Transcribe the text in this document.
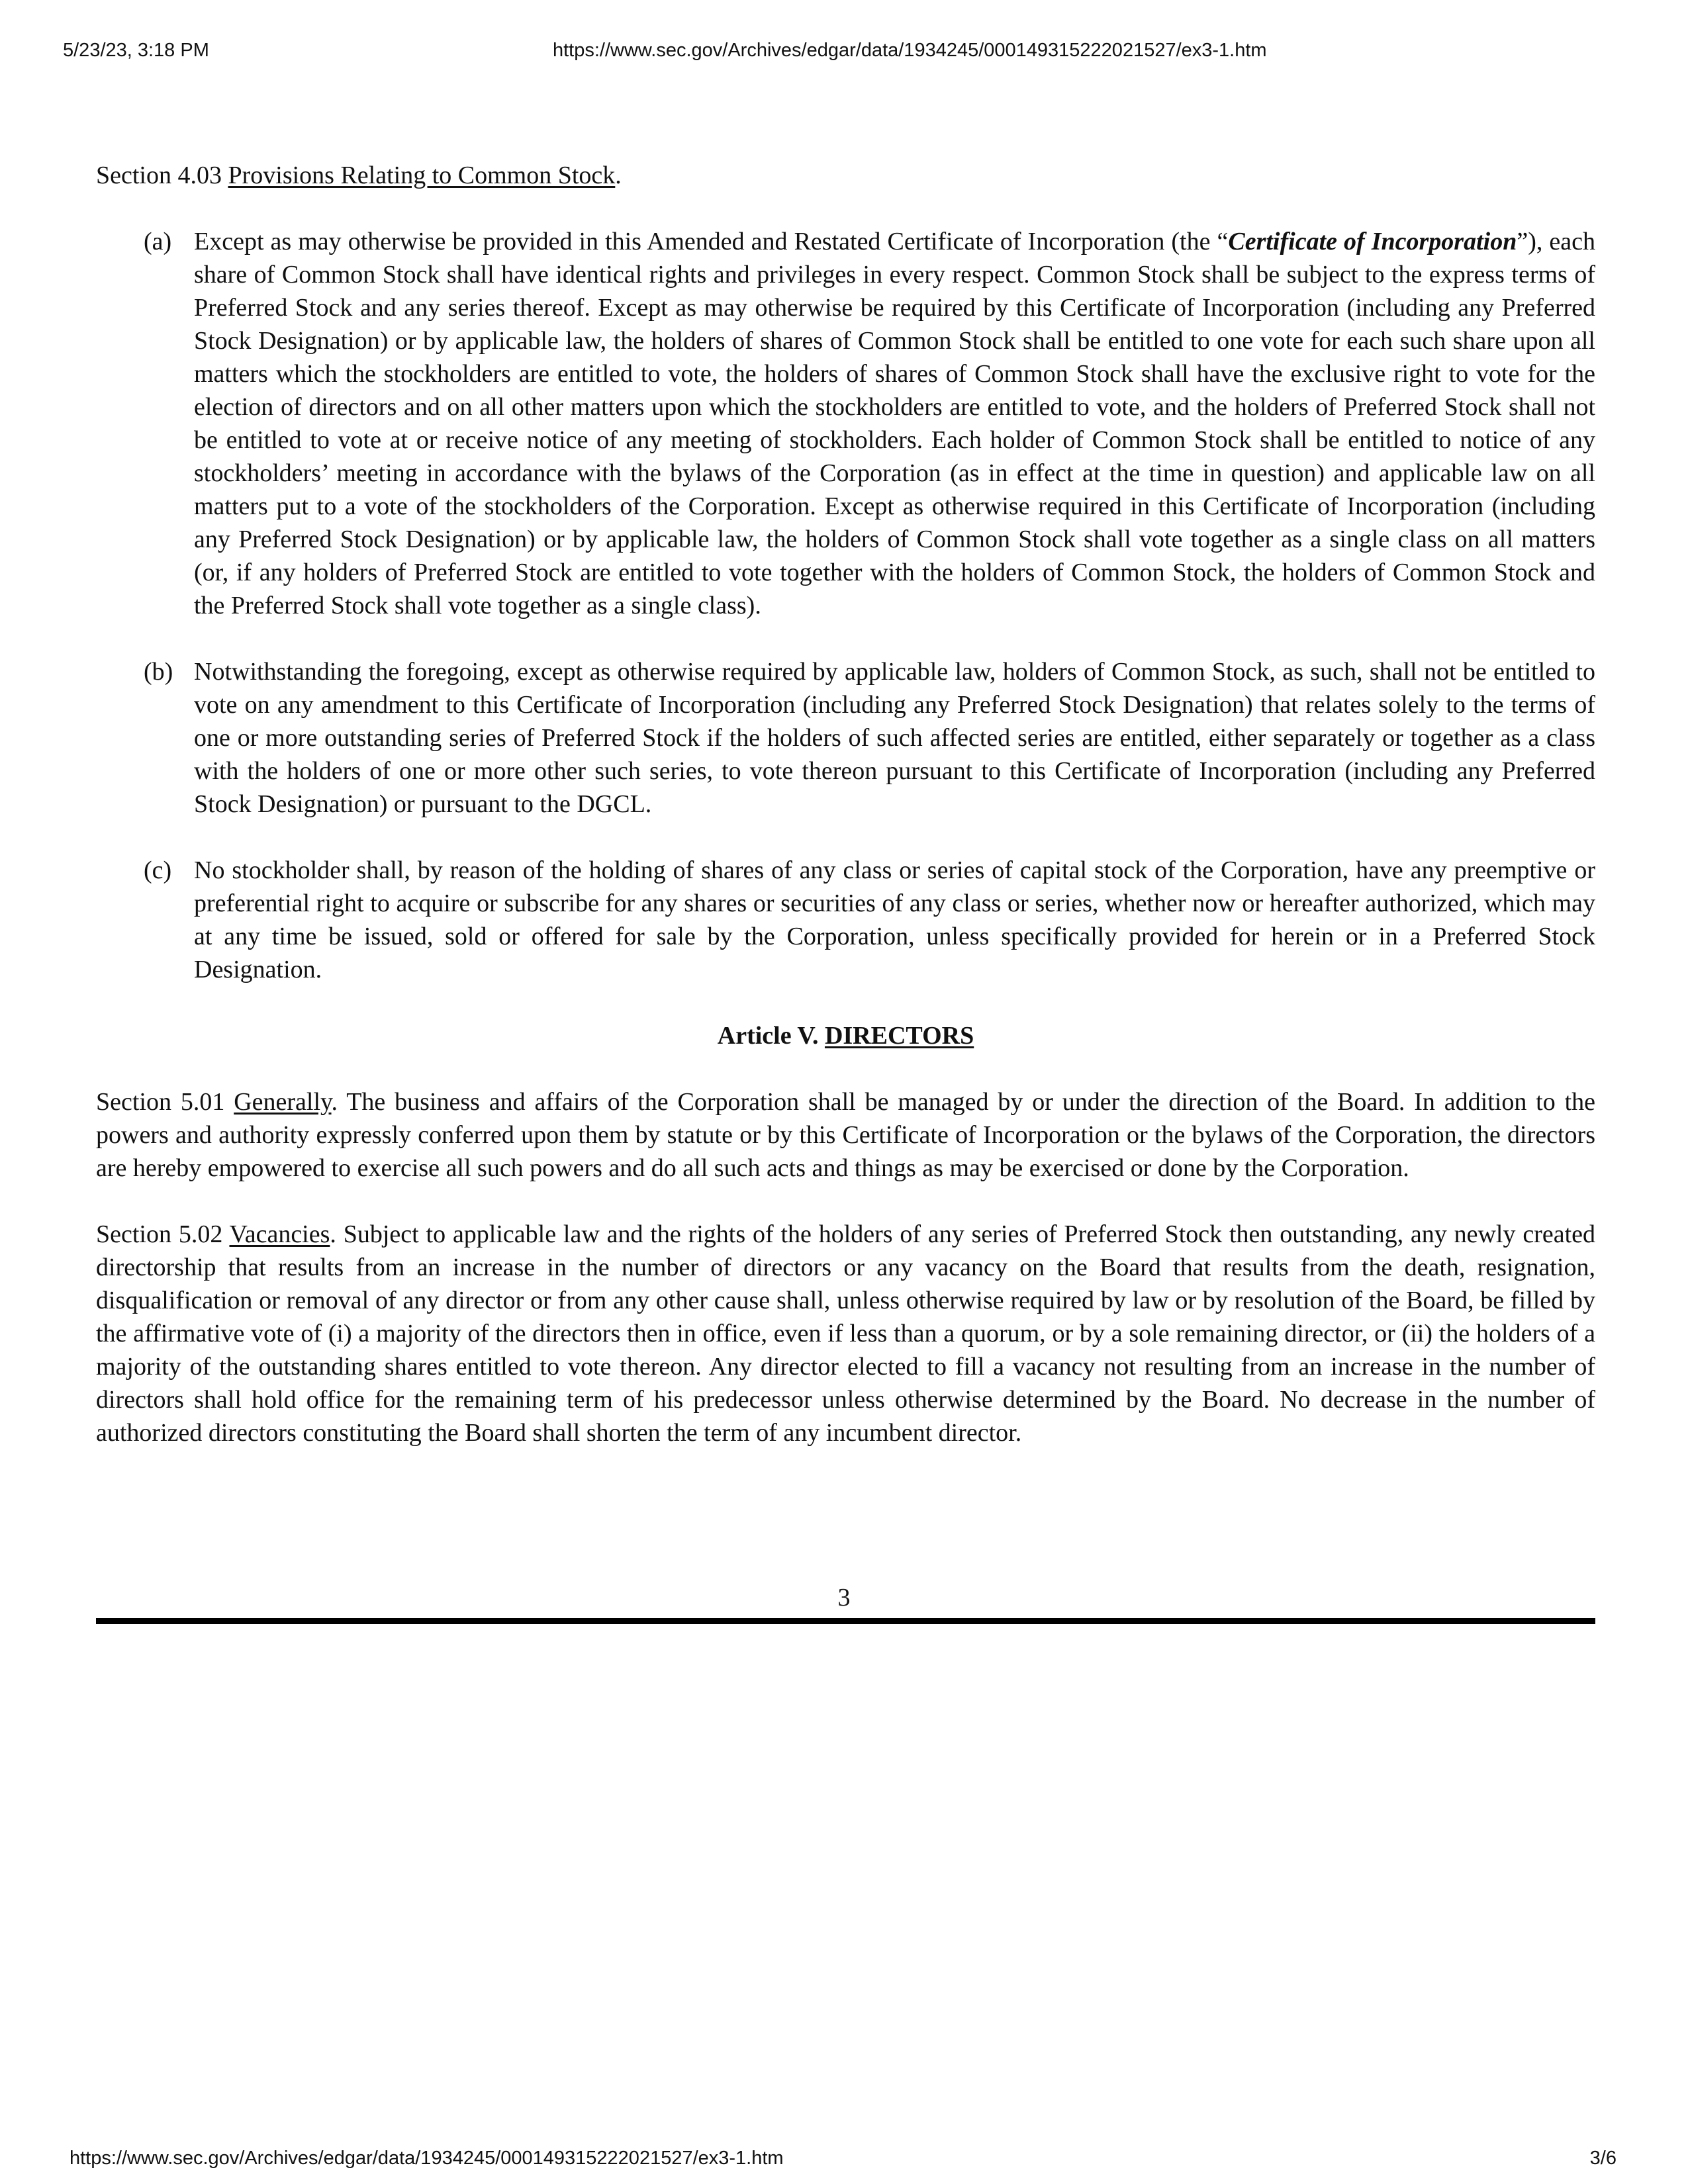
5/23/23, 3:18 PM	https://www.sec.gov/Archives/edgar/data/1934245/000149315222021527/ex3-1.htm

Section 4.03 Provisions Relating to Common Stock.

(a) Except as may otherwise be provided in this Amended and Restated Certificate of Incorporation (the “Certificate of Incorporation”), each share of Common Stock shall have identical rights and privileges in every respect. Common Stock shall be subject to the express terms of Preferred Stock and any series thereof. Except as may otherwise be required by this Certificate of Incorporation (including any Preferred Stock Designation) or by applicable law, the holders of shares of Common Stock shall be entitled to one vote for each such share upon all matters which the stockholders are entitled to vote, the holders of shares of Common Stock shall have the exclusive right to vote for the election of directors and on all other matters upon which the stockholders are entitled to vote, and the holders of Preferred Stock shall not be entitled to vote at or receive notice of any meeting of stockholders. Each holder of Common Stock shall be entitled to notice of any stockholders’ meeting in accordance with the bylaws of the Corporation (as in effect at the time in question) and applicable law on all matters put to a vote of the stockholders of the Corporation. Except as otherwise required in this Certificate of Incorporation (including any Preferred Stock Designation) or by applicable law, the holders of Common Stock shall vote together as a single class on all matters (or, if any holders of Preferred Stock are entitled to vote together with the holders of Common Stock, the holders of Common Stock and the Preferred Stock shall vote together as a single class).
(b) Notwithstanding the foregoing, except as otherwise required by applicable law, holders of Common Stock, as such, shall not be entitled to vote on any amendment to this Certificate of Incorporation (including any Preferred Stock Designation) that relates solely to the terms of one or more outstanding series of Preferred Stock if the holders of such affected series are entitled, either separately or together as a class with the holders of one or more other such series, to vote thereon pursuant to this Certificate of Incorporation (including any Preferred Stock Designation) or pursuant to the DGCL.
(c) No stockholder shall, by reason of the holding of shares of any class or series of capital stock of the Corporation, have any preemptive or preferential right to acquire or subscribe for any shares or securities of any class or series, whether now or hereafter authorized, which may at any time be issued, sold or offered for sale by the Corporation, unless specifically provided for herein or in a Preferred Stock Designation.

Article V. DIRECTORS

Section 5.01 Generally. The business and affairs of the Corporation shall be managed by or under the direction of the Board. In addition to the powers and authority expressly conferred upon them by statute or by this Certificate of Incorporation or the bylaws of the Corporation, the directors are hereby empowered to exercise all such powers and do all such acts and things as may be exercised or done by the Corporation.

Section 5.02 Vacancies. Subject to applicable law and the rights of the holders of any series of Preferred Stock then outstanding, any newly created directorship that results from an increase in the number of directors or any vacancy on the Board that results from the death, resignation, disqualification or removal of any director or from any other cause shall, unless otherwise required by law or by resolution of the Board, be filled by the affirmative vote of (i) a majority of the directors then in office, even if less than a quorum, or by a sole remaining director, or (ii) the holders of a majority of the outstanding shares entitled to vote thereon. Any director elected to fill a vacancy not resulting from an increase in the number of directors shall hold office for the remaining term of his predecessor unless otherwise determined by the Board. No decrease in the number of authorized directors constituting the Board shall shorten the term of any incumbent director.

3
https://www.sec.gov/Archives/edgar/data/1934245/000149315222021527/ex3-1.htm	3/6
